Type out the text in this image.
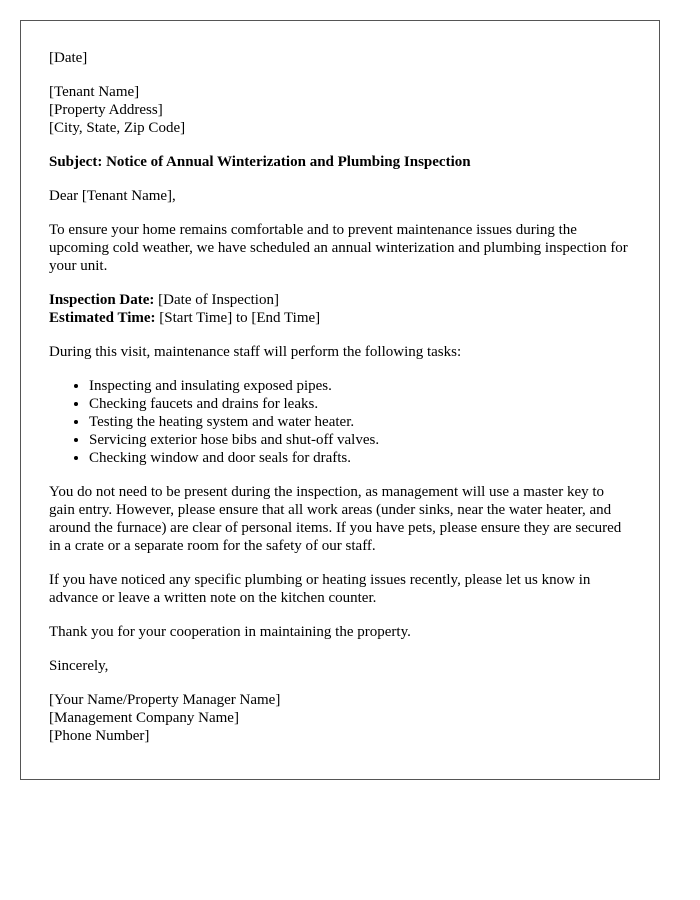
[Date]

[Tenant Name]
[Property Address]
[City, State, Zip Code]

Subject: Notice of Annual Winterization and Plumbing Inspection

Dear [Tenant Name],

To ensure your home remains comfortable and to prevent maintenance issues during the upcoming cold weather, we have scheduled an annual winterization and plumbing inspection for your unit.

Inspection Date: [Date of Inspection]
Estimated Time: [Start Time] to [End Time]

During this visit, maintenance staff will perform the following tasks:

• Inspecting and insulating exposed pipes.
• Checking faucets and drains for leaks.
• Testing the heating system and water heater.
• Servicing exterior hose bibs and shut-off valves.
• Checking window and door seals for drafts.

You do not need to be present during the inspection, as management will use a master key to gain entry. However, please ensure that all work areas (under sinks, near the water heater, and around the furnace) are clear of personal items. If you have pets, please ensure they are secured in a crate or a separate room for the safety of our staff.

If you have noticed any specific plumbing or heating issues recently, please let us know in advance or leave a written note on the kitchen counter.

Thank you for your cooperation in maintaining the property.

Sincerely,

[Your Name/Property Manager Name]
[Management Company Name]
[Phone Number]
